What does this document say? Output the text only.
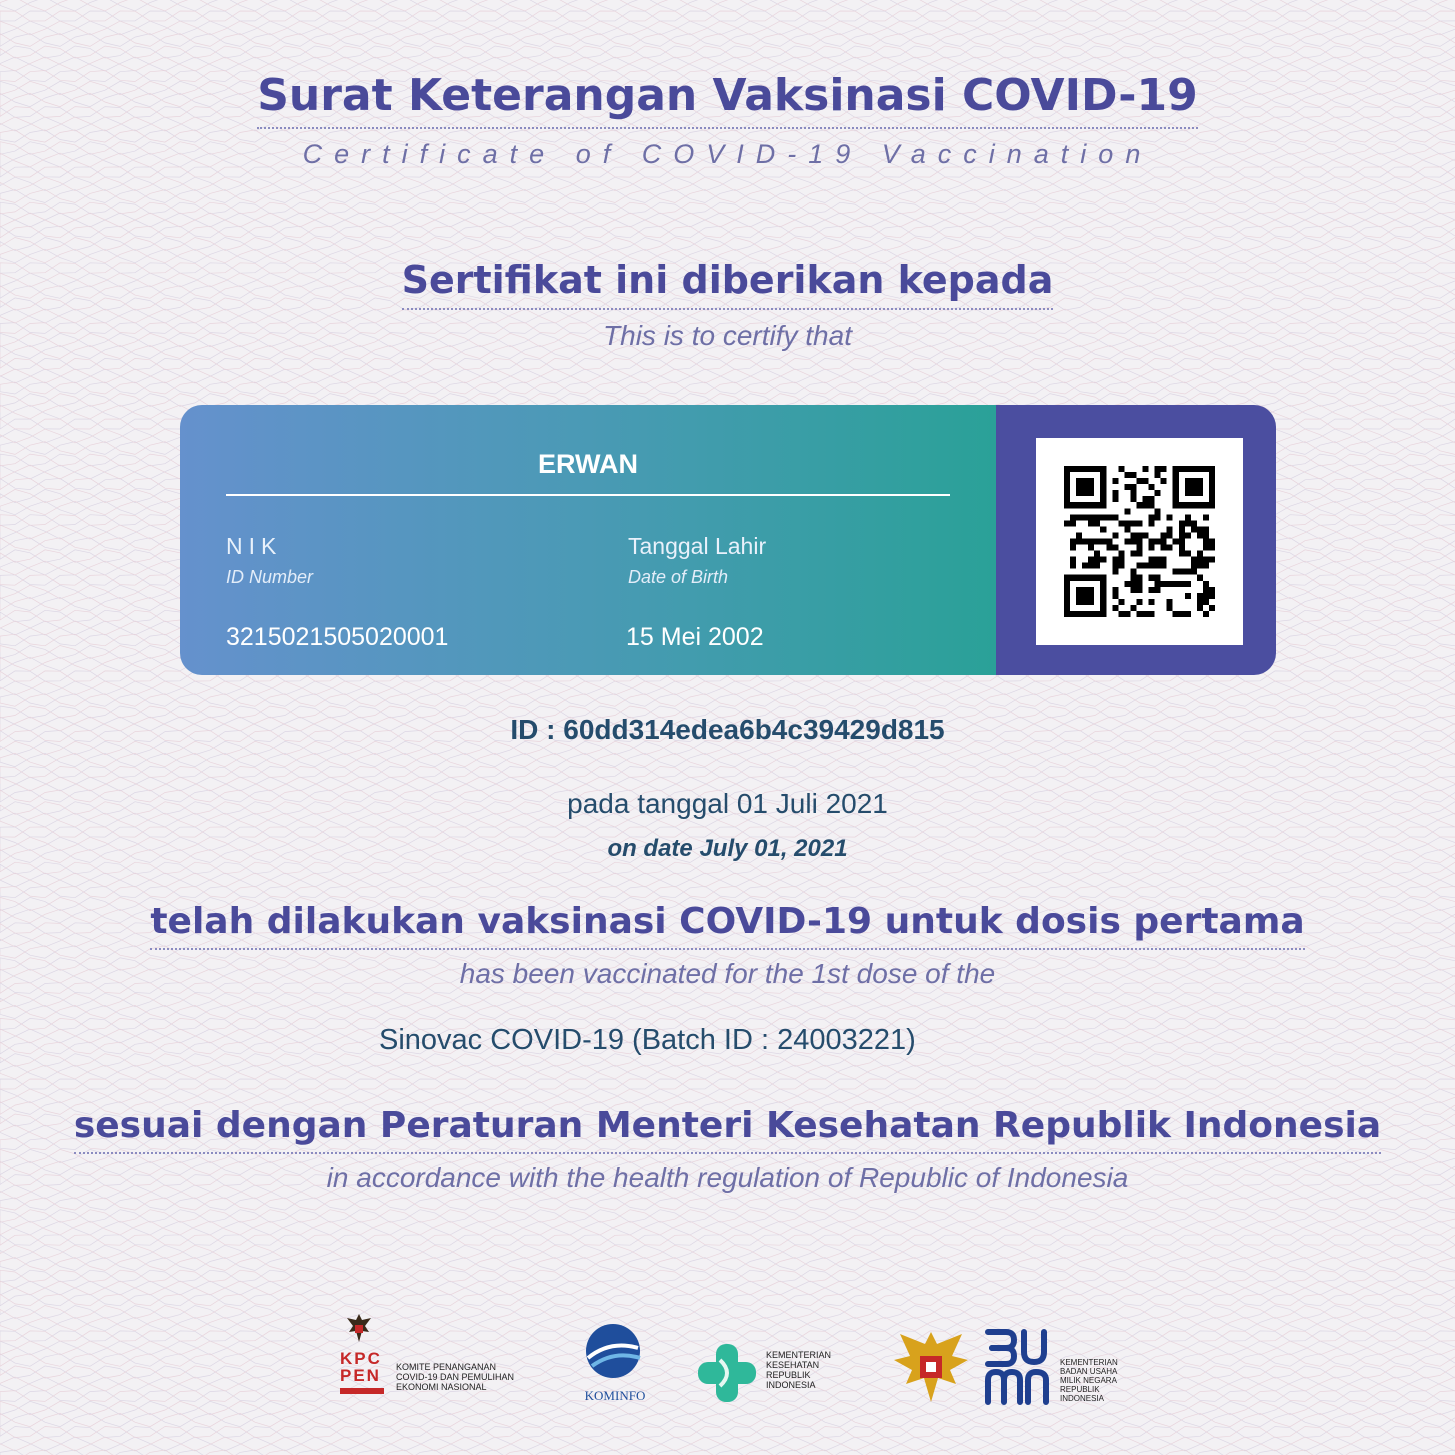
Surat Keterangan Vaksinasi COVID-19
Certificate of COVID-19 Vaccination
Sertifikat ini diberikan kepada
This is to certify that
ERWAN
NIK
ID Number
3215021505020001
Tanggal Lahir
Date of Birth
15 Mei 2002
ID : 60dd314edea6b4c39429d815
pada tanggal 01 Juli 2021
on date July 01, 2021
telah dilakukan vaksinasi COVID-19 untuk dosis pertama
has been vaccinated for the 1st dose of the
Sinovac COVID-19 (Batch ID : 24003221)
sesuai dengan Peraturan Menteri Kesehatan Republik Indonesia
in accordance with the health regulation of Republic of Indonesia
KPC PEN	KOMITE PENANGANAN
COVID-19 DAN PEMULIHAN
EKONOMI NASIONAL
KOMINFO
KEMENTERIAN
KESEHATAN
REPUBLIK
INDONESIA
KEMENTERIAN
BADAN USAHA
MILIK NEGARA
REPUBLIK
INDONESIA
